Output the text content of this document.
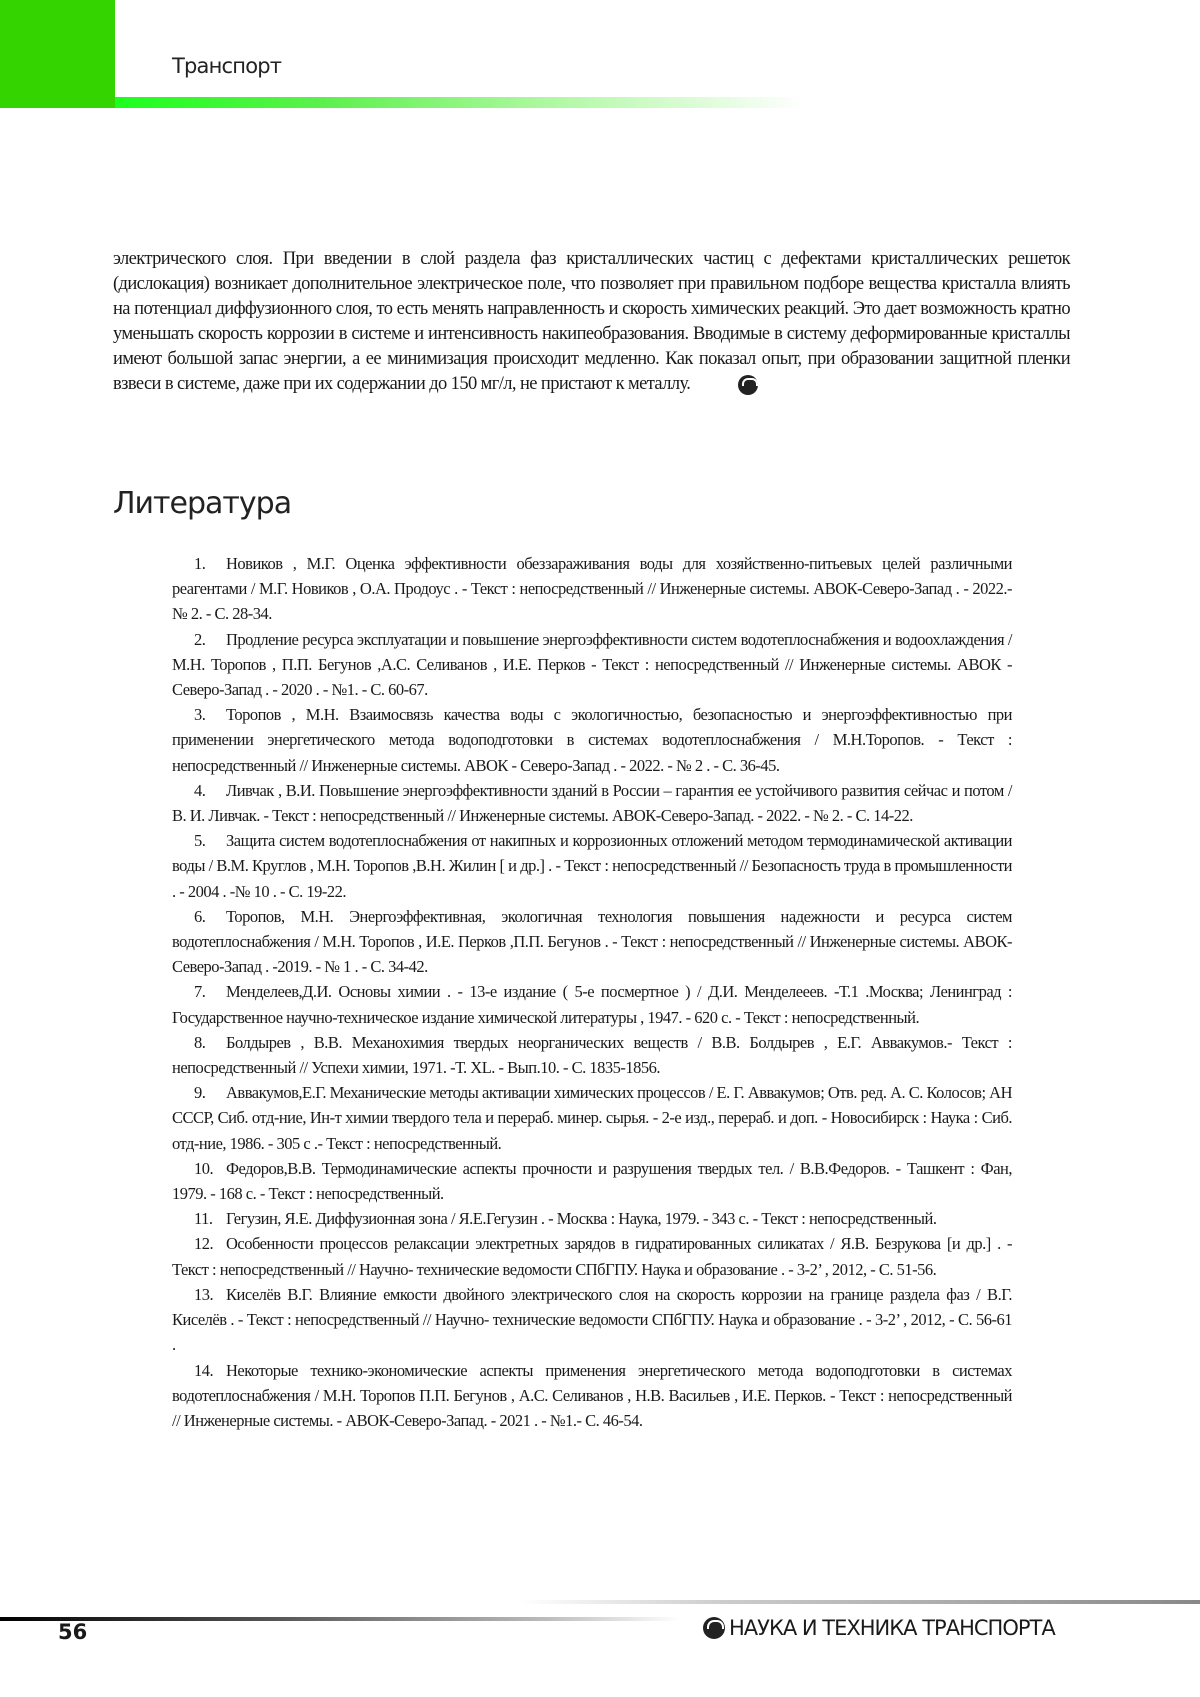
Транспорт
электрического слоя. При введении в слой раздела фаз кристаллических частиц с дефектами кристаллических решеток (дислокация) возникает дополнительное электрическое поле, что позволяет при правильном подборе вещества кристалла влиять на потенциал диффузионного слоя, то есть менять направленность и скорость химических реакций. Это дает возможность кратно уменьшать скорость коррозии в системе и интенсивность накипеобразования. Вводимые в систему деформированные кристаллы имеют большой запас энергии, а ее минимизация происходит медленно. Как показал опыт, при образовании защитной пленки взвеси в системе, даже при их содержании до 150 мг/л, не пристают к металлу.
Литература

1. Новиков , М.Г. Оценка эффективности обеззараживания воды для хозяйственно-питьевых целей различными реагентами / М.Г. Новиков , О.А. Продоус . - Текст : непосредственный // Инженерные системы. АВОК-Северо-Запад . - 2022.- № 2. - С. 28-34.

2. Продление ресурса эксплуатации и повышение энергоэффективности систем водотеплоснабжения и водоохлаждения / М.Н. Торопов , П.П. Бегунов ,А.С. Селиванов , И.Е. Перков - Текст : непосредственный // Инженерные системы. АВОК - Северо-Запад . - 2020 . - №1. - С. 60-67.

3. Торопов , М.Н. Взаимосвязь качества воды с экологичностью, безопасностью и энергоэффективностью при применении энергетического метода водоподготовки в системах водотеплоснабжения / М.Н.Торопов. - Текст : непосредственный // Инженерные системы. АВОК - Северо-Запад . - 2022. - № 2 . - С. 36-45.

4. Ливчак , В.И. Повышение энергоэффективности зданий в России – гарантия ее устойчивого развития сейчас и потом / В. И. Ливчак. - Текст : непосредственный // Инженерные системы. АВОК-Северо-Запад. - 2022. - № 2. - С. 14-22.

5. Защита систем водотеплоснабжения от накипных и коррозионных отложений методом термодинамической активации воды / В.М. Круглов , М.Н. Торопов ,В.Н. Жилин [ и др.] . - Текст : непосредственный // Безопасность труда в промышленности . - 2004 . -№ 10 . - С. 19-22.

6. Торопов, М.Н. Энергоэффективная, экологичная технология повышения надежности и ресурса систем водотеплоснабжения / М.Н. Торопов , И.Е. Перков ,П.П. Бегунов . - Текст : непосредственный // Инженерные системы. АВОК-Северо-Запад . -2019. - № 1 . - С. 34-42.

7. Менделеев,Д.И. Основы химии . - 13-е издание ( 5-е посмертное ) / Д.И. Менделееев. -Т.1 .Москва; Ленинград : Государственное научно-техническое издание химической литературы , 1947. - 620 с. - Текст : непосредственный.

8. Болдырев , В.В. Механохимия твердых неорганических веществ / В.В. Болдырев , Е.Г. Аввакумов.- Текст : непосредственный // Успехи химии, 1971. -Т. XL. - Вып.10. - С. 1835-1856.

9. Аввакумов,Е.Г. Механические методы активации химических процессов / Е. Г. Аввакумов; Отв. ред. А. С. Колосов; АН СССР, Сиб. отд-ние, Ин-т химии твердого тела и перераб. минер. сырья. - 2-е изд., перераб. и доп. - Новосибирск : Наука : Сиб. отд-ние, 1986. - 305 с .- Текст : непосредственный.

10. Федоров,В.В. Термодинамические аспекты прочности и разрушения твердых тел. / В.В.Федоров. - Ташкент : Фан, 1979. - 168 с. - Текст : непосредственный.

11. Гегузин, Я.Е. Диффузионная зона / Я.Е.Гегузин . - Москва : Наука, 1979. - 343 с. - Текст : непосредственный.

12. Особенности процессов релаксации электретных зарядов в гидратированных силикатах / Я.В. Безрукова [и др.] . - Текст : непосредственный // Научно- технические ведомости СПбГПУ. Наука и образование . - 3-2’ , 2012, - С. 51-56.

13. Киселёв В.Г. Влияние емкости двойного электрического слоя на скорость коррозии на границе раздела фаз / В.Г. Киселёв . - Текст : непосредственный // Научно- технические ведомости СПбГПУ. Наука и образование . - 3-2’ , 2012, - С. 56-61 .

14. Некоторые технико-экономические аспекты применения энергетического метода водоподготовки в системах водотеплоснабжения / М.Н. Торопов П.П. Бегунов , А.С. Селиванов , Н.В. Васильев , И.Е. Перков. - Текст : непосредственный // Инженерные системы. - АВОК-Северо-Запад. - 2021 . - №1.- С. 46-54.

56	НАУКА И ТЕХНИКА ТРАНСПОРТА
